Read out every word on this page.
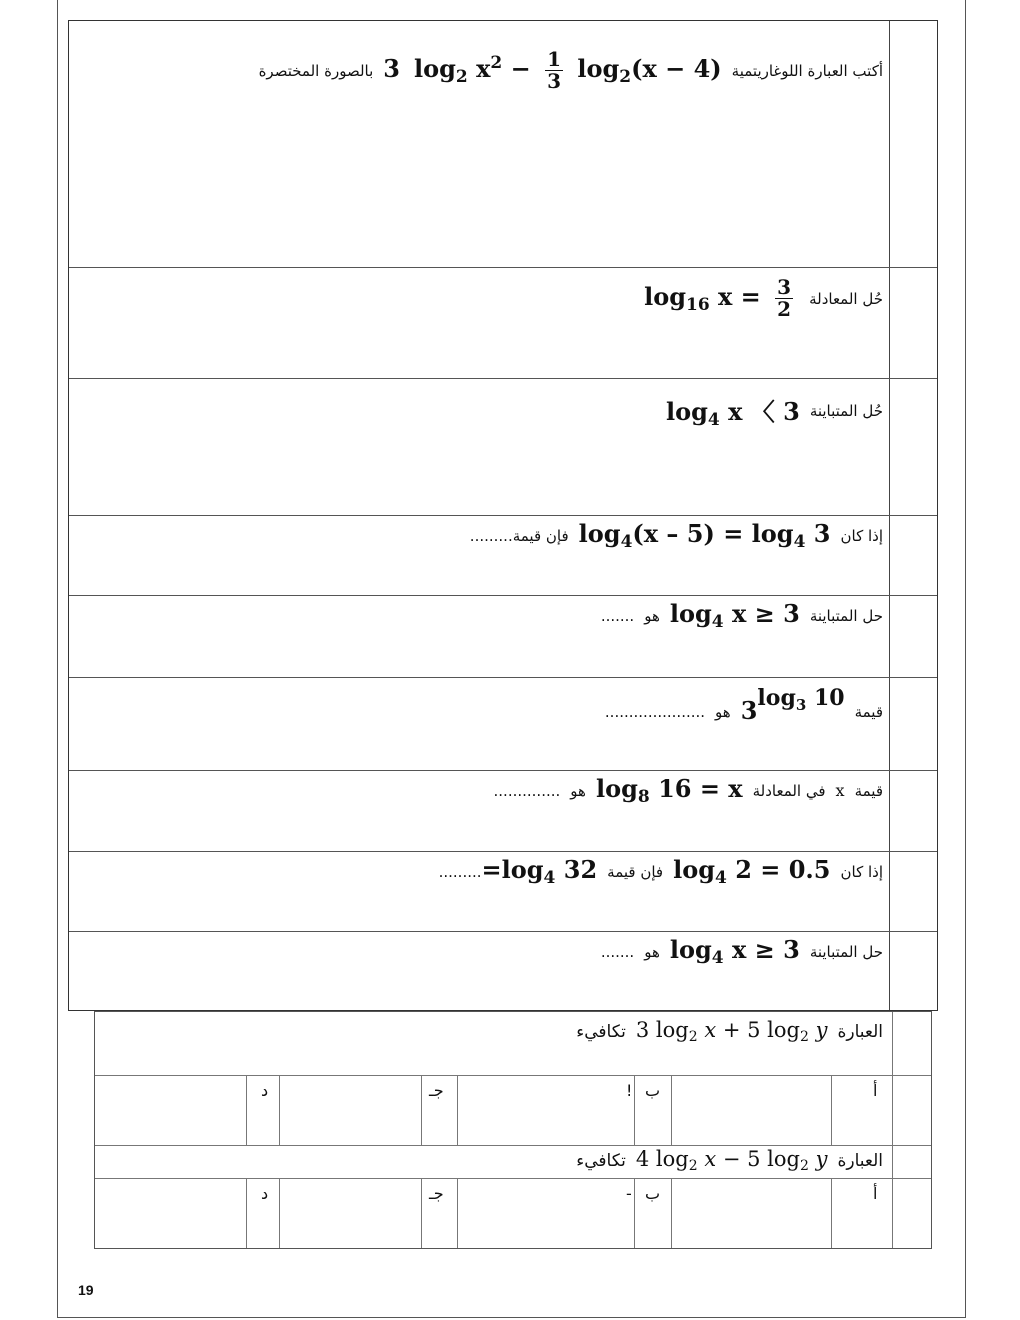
أكتب العبارة اللوغاريتمية
3 $\log_2 x^2 - \frac{1}{3} \log_2(x - 4)$
بالصورة المختصرة
حُل المعادلة
$\log_{16} x = \frac{3}{2}$
حُل المتباينة
$\log_4 x$ 〈 3
إذا كان
$\log_4(x - 5) = \log_4 3$
فإن قيمة
.........
حل المتباينة
$\log_4 x \ge 3$
هو
.......
قيمة
$3^{log_3 10}$
هو
.....................
قيمة
x
في المعادلة
$\log_8 16 = x$
هو
..............
إذا كان
$\log_4 2 = 0.5$
فإن قيمة
$=\log_4$ 32
.........
حل المتباينة
$\log_4 x \ge 3$
هو
.......
العبارة
3 $\log_2 x + 5$ $\log_2 y$
تكافيء
أ
ب
!
جـ
د
العبارة
4 $\log_2 x - 5$ $\log_2 y$
تكافيء
أ
ب
-
جـ
د
19
